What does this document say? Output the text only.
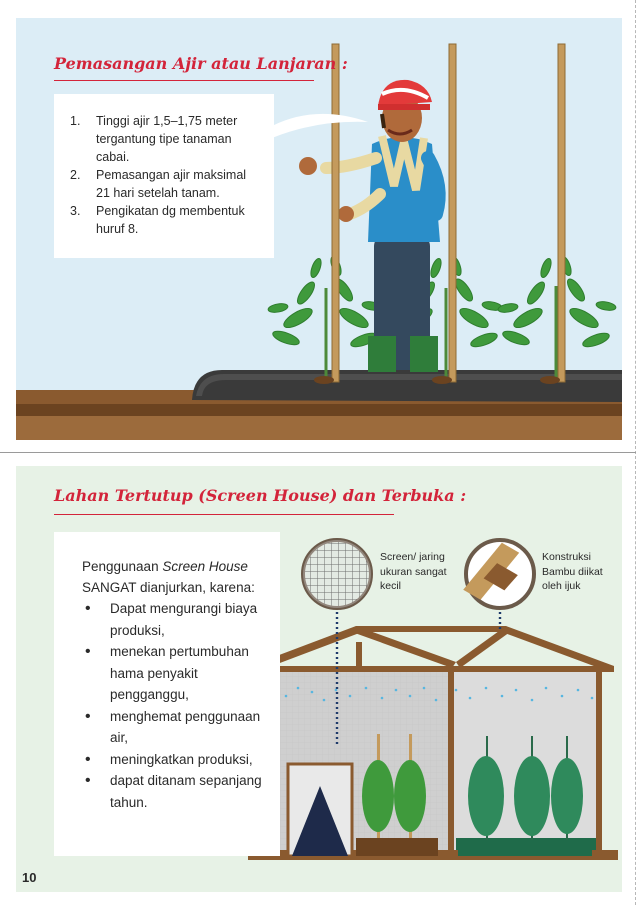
Pemasangan Ajir atau Lanjaran :
1. Tinggi ajir 1,5–1,75 meter tergantung tipe tanaman cabai.
2. Pemasangan ajir maksimal 21 hari setelah tanam.
3. Pengikatan dg membentuk huruf 8.
Lahan Tertutup (Screen House) dan Terbuka :
Screen/ jaring ukuran sangat kecil
Konstruksi Bambu diikat oleh ijuk
Penggunaan Screen House
SANGAT dianjurkan, karena:
• Dapat mengurangi biaya produksi,
• menekan pertumbuhan hama penyakit pengganggu,
• menghemat penggunaan air,
• meningkatkan produksi,
• dapat ditanam sepanjang tahun.
10
